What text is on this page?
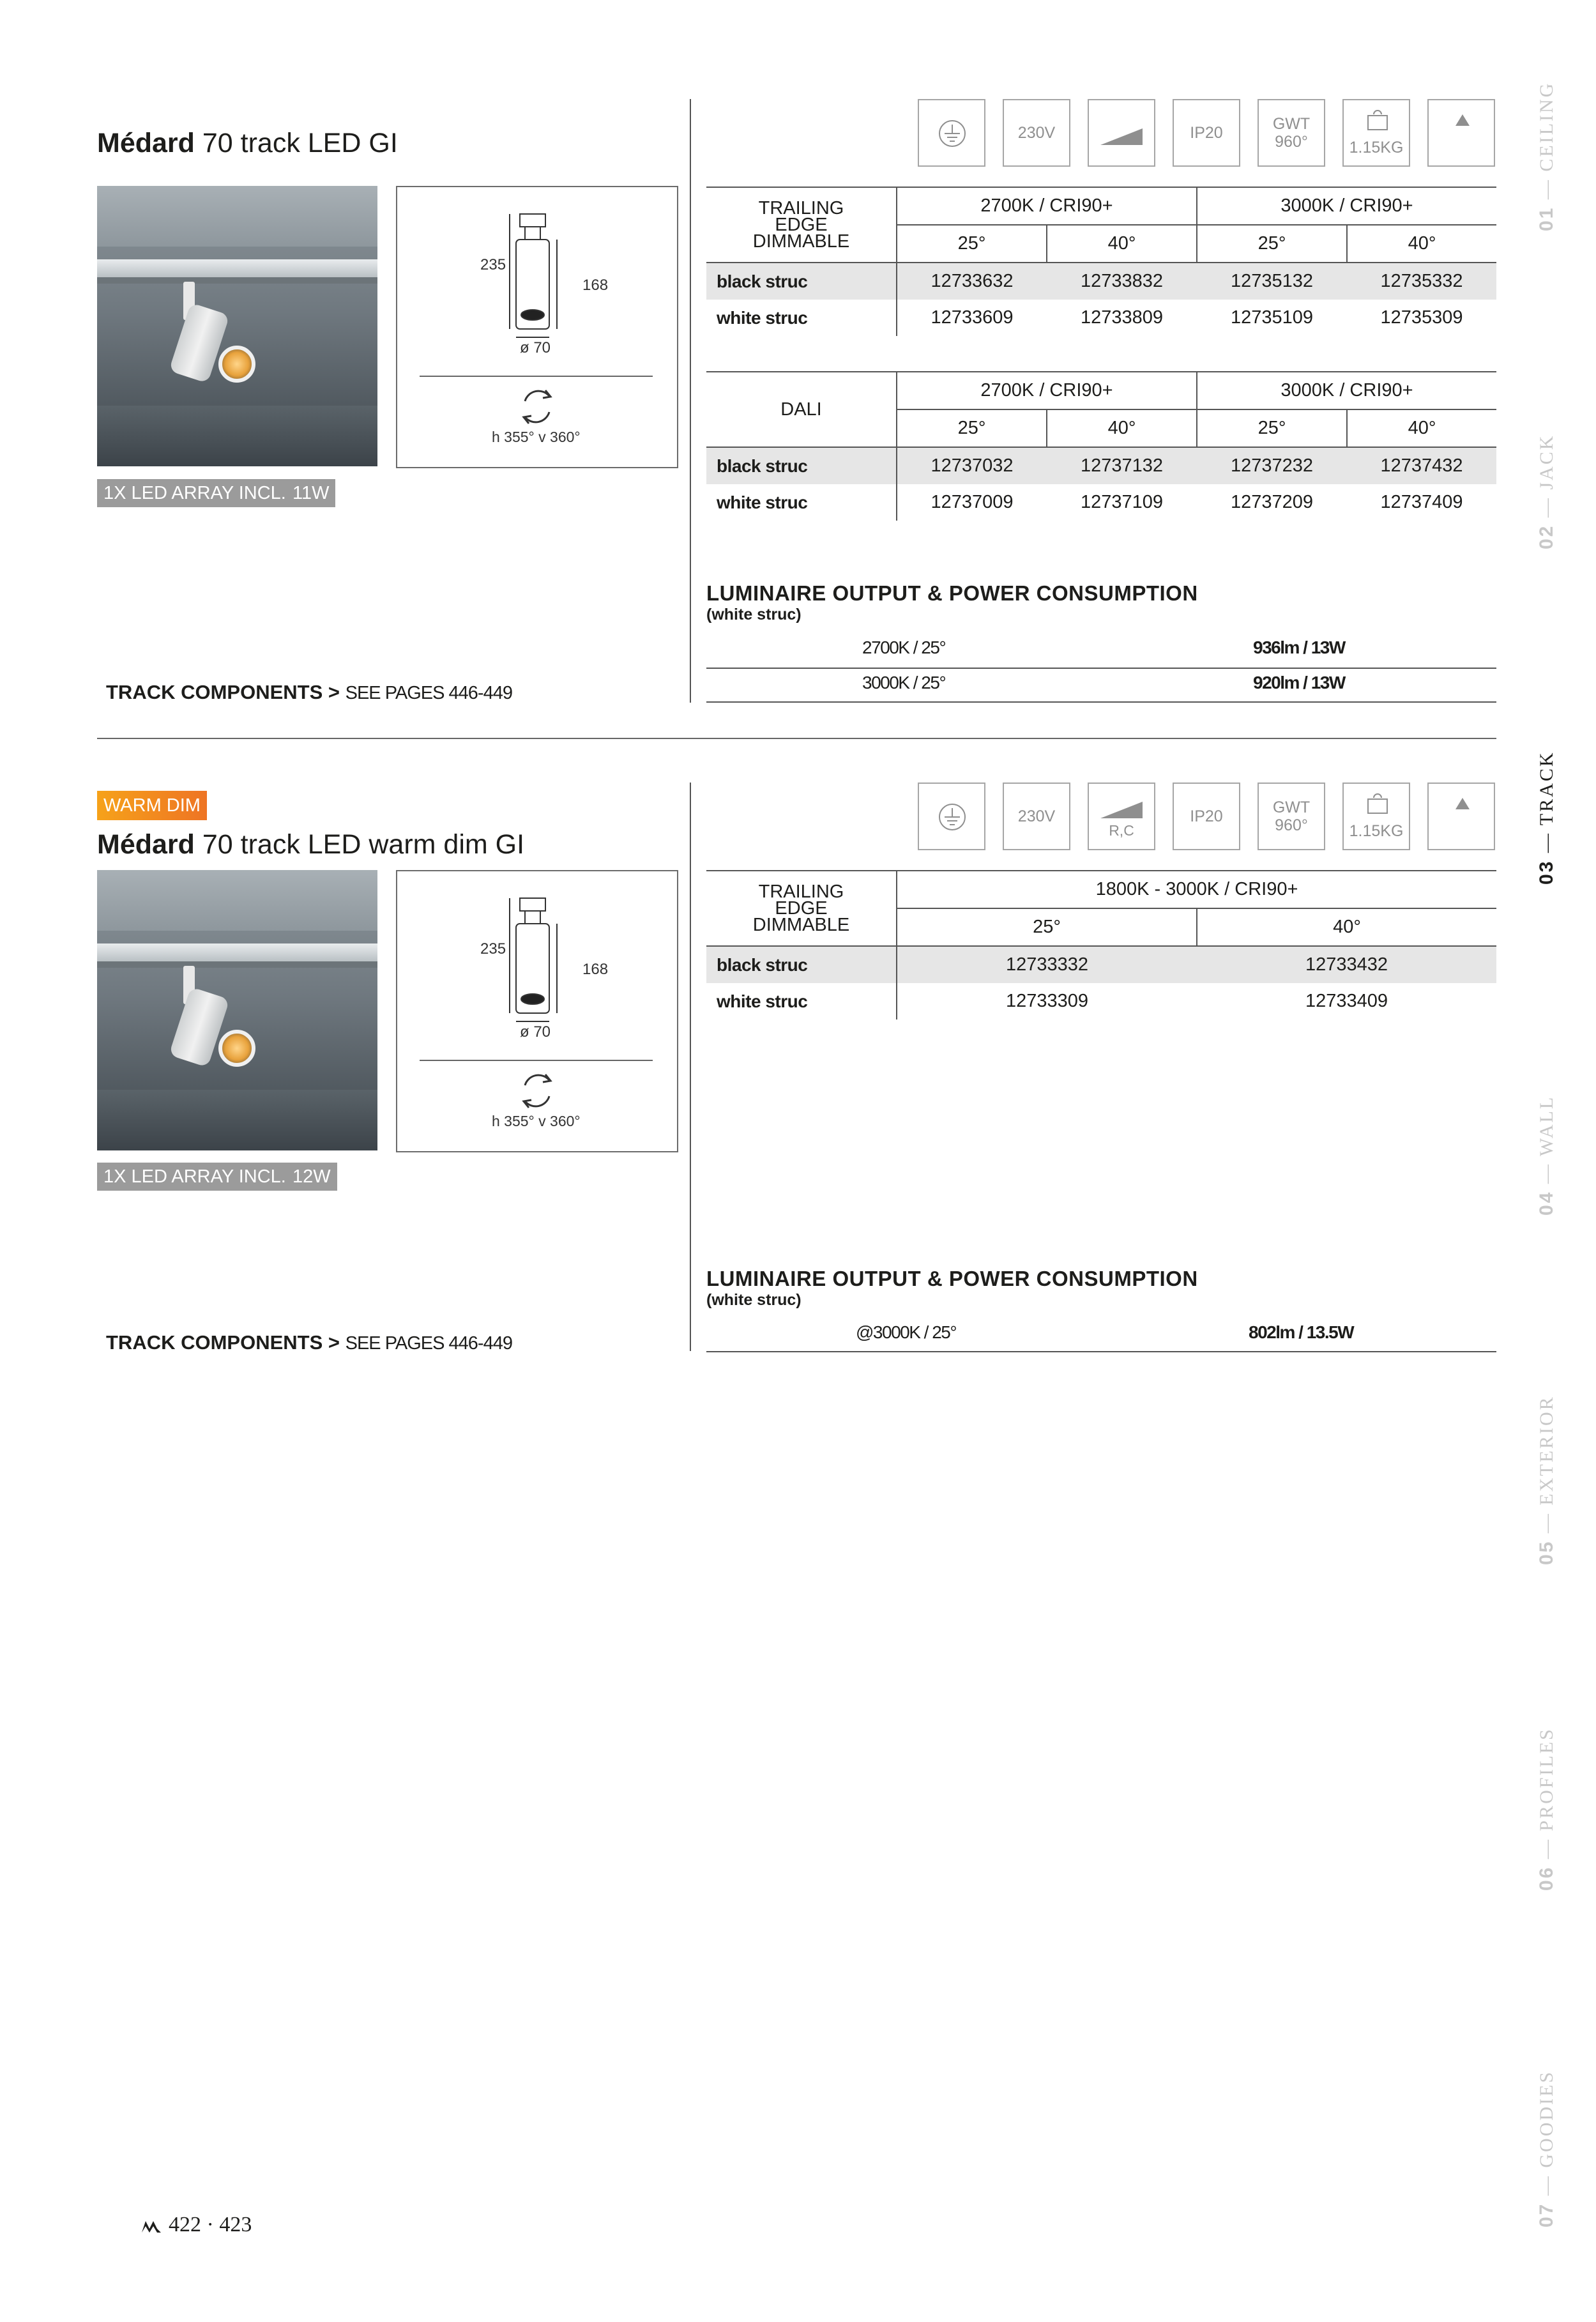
Médard 70 track LED GI
235
168
ø 70
h 355° v 360°
1X LED ARRAY INCL. 11W
TRACK COMPONENTS > SEE PAGES 446-449
230V	IP20	GWT
960°	1.15KG
TRAILING EDGE DIMMABLE	2700K / CRI90+		3000K / CRI90+	
	25°	40°	25°	40°
black struc	12733632	12733832	12735132	12735332
white struc	12733609	12733809	12735109	12735309
DALI	2700K / CRI90+		3000K / CRI90+	
	25°	40°	25°	40°
black struc	12737032	12737132	12737232	12737432
white struc	12737009	12737109	12737209	12737409
LUMINAIRE OUTPUT & POWER CONSUMPTION
(white struc)
2700K / 25°	936lm / 13W
3000K / 25°	920lm / 13W
WARM DIM
Médard 70 track LED warm dim GI
235
168
ø 70
h 355° v 360°
1X LED ARRAY INCL. 12W
TRACK COMPONENTS > SEE PAGES 446-449
230V
R,C
IP20	GWT
960°	1.15KG
TRAILING EDGE DIMMABLE	1800K - 3000K / CRI90+	
	25°	40°
black struc	12733332	12733432
white struc	12733309	12733409
LUMINAIRE OUTPUT & POWER CONSUMPTION
(white struc)
@3000K / 25°	802lm / 13.5W
01 — CEILING
02 — JACK
03 — TRACK
04 — WALL
05 — EXTERIOR
06 — PROFILES
07 — GOODIES
422 · 423
